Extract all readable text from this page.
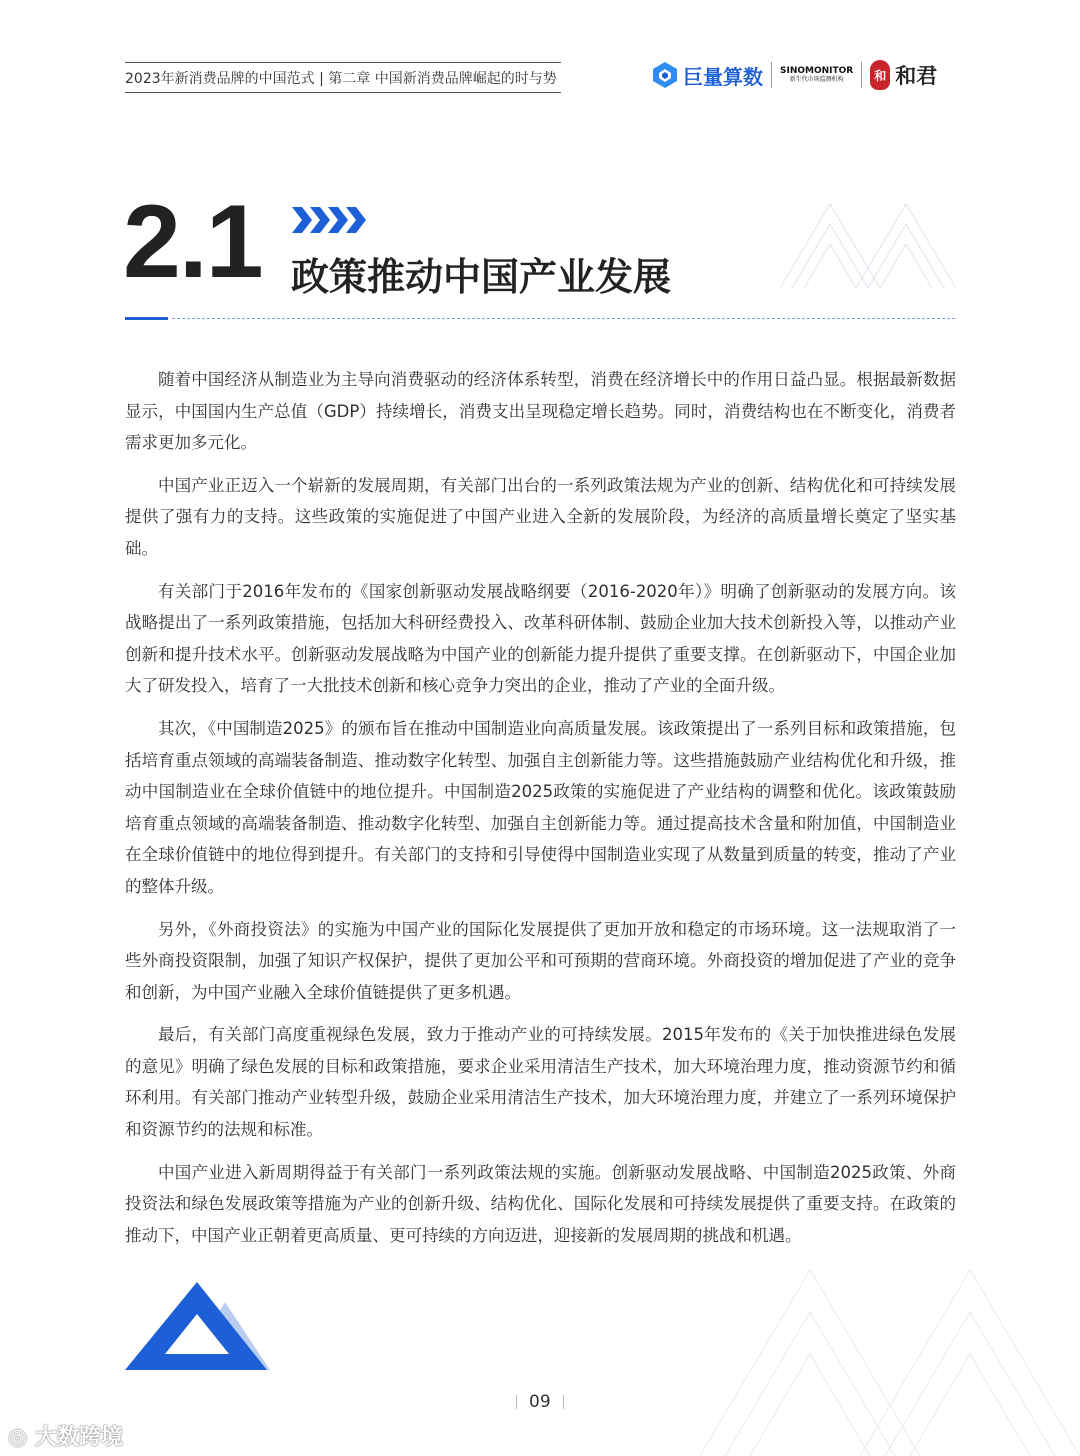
2023年新消费品牌的中国范式 | 第二章 中国新消费品牌崛起的时与势	巨量算数 SINOMONITOR
新生代市场监测机构	和 和君
2.1 政策推动中国产业发展

随着中国经济从制造业为主导向消费驱动的经济体系转型，消费在经济增长中的作用日益凸显。根据最新数据显示，中国国内生产总值（GDP）持续增长，消费支出呈现稳定增长趋势。同时，消费结构也在不断变化，消费者需求更加多元化。

中国产业正迈入一个崭新的发展周期，有关部门出台的一系列政策法规为产业的创新、结构优化和可持续发展提供了强有力的支持。这些政策的实施促进了中国产业进入全新的发展阶段，为经济的高质量增长奠定了坚实基础。

有关部门于2016年发布的《国家创新驱动发展战略纲要（2016-2020年）》明确了创新驱动的发展方向。该战略提出了一系列政策措施，包括加大科研经费投入、改革科研体制、鼓励企业加大技术创新投入等，以推动产业创新和提升技术水平。创新驱动发展战略为中国产业的创新能力提升提供了重要支撑。在创新驱动下，中国企业加大了研发投入，培育了一大批技术创新和核心竞争力突出的企业，推动了产业的全面升级。

其次，《中国制造2025》的颁布旨在推动中国制造业向高质量发展。该政策提出了一系列目标和政策措施，包括培育重点领域的高端装备制造、推动数字化转型、加强自主创新能力等。这些措施鼓励产业结构优化和升级，推动中国制造业在全球价值链中的地位提升。中国制造2025政策的实施促进了产业结构的调整和优化。该政策鼓励培育重点领域的高端装备制造、推动数字化转型、加强自主创新能力等。通过提高技术含量和附加值，中国制造业在全球价值链中的地位得到提升。有关部门的支持和引导使得中国制造业实现了从数量到质量的转变，推动了产业的整体升级。

另外，《外商投资法》的实施为中国产业的国际化发展提供了更加开放和稳定的市场环境。这一法规取消了一些外商投资限制，加强了知识产权保护，提供了更加公平和可预期的营商环境。外商投资的增加促进了产业的竞争和创新，为中国产业融入全球价值链提供了更多机遇。

最后，有关部门高度重视绿色发展，致力于推动产业的可持续发展。2015年发布的《关于加快推进绿色发展的意见》明确了绿色发展的目标和政策措施，要求企业采用清洁生产技术，加大环境治理力度，推动资源节约和循环利用。有关部门推动产业转型升级，鼓励企业采用清洁生产技术，加大环境治理力度，并建立了一系列环境保护和资源节约的法规和标准。

中国产业进入新周期得益于有关部门一系列政策法规的实施。创新驱动发展战略、中国制造2025政策、外商投资法和绿色发展政策等措施为产业的创新升级、结构优化、国际化发展和可持续发展提供了重要支持。在政策的推动下，中国产业正朝着更高质量、更可持续的方向迈进，迎接新的发展周期的挑战和机遇。

09
◎ 大数跨境
